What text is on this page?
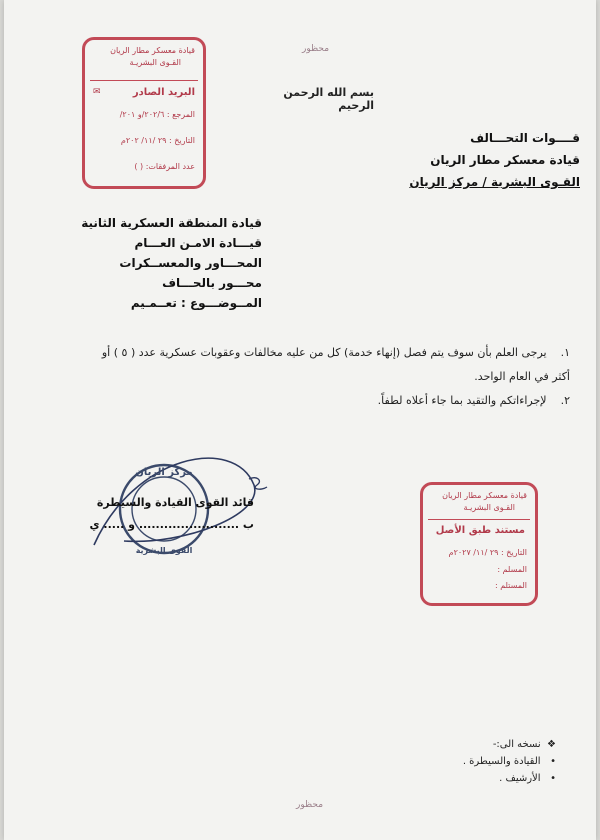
محظور
قيادة معسكر مطار الريان
القـوى البشريـة
البريد الصادر
✉
المرجع : ٢٠٢/٦/و ٢٠١/
التاريخ : ٢٩ /١١/ ٢٠٢م
عدد المرفقات: ( )
بسم الله الرحمن الرحيم
قــــوات التحـــالف
قيادة معسكر مطار الريان
القـوى البشرية / مركز الريان
قيادة المنطقة العسكرية الثانية
قيـــادة الامـن العـــام
المحـــاور والمعســكرات
محـــور بالحـــاف
المــوضـــوع : تعــمـيم
١.    يرجى العلم بأن سوف يتم فصل (إنهاء خدمة) كل من عليه مخالفات وعقوبات عسكرية عدد ( ٥ ) أو
أكثر في العام الواحد.
٢.    لإجراءاتكم والتقيد بما جاء أعلاه لطفاً.
مركز الريان
القوى البشرية
قائد القوى القيادة والسيطرة
ب ........................ و ..... ي
قيادة معسكر مطار الريان
القـوى البشريـة
مستند طبق الأصل
التاريخ : ٢٩ /١١/ ٢٠٢٧م
المسلم :
المستلم :
❖  نسخه الى:-
•   القيادة والسيطرة .
•   الأرشيف .
محظور
